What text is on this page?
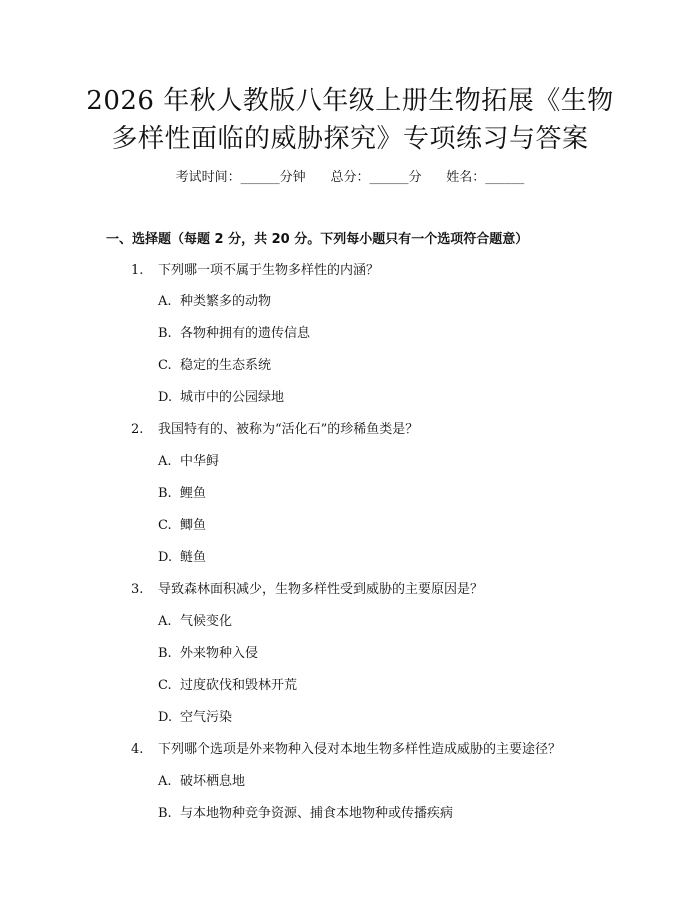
2026 年秋人教版八年级上册生物拓展《生物
多样性面临的威胁探究》专项练习与答案
考试时间：______分钟 总分：______分 姓名：______
一、选择题（每题 2 分，共 20 分。下列每小题只有一个选项符合题意）
1. 下列哪一项不属于生物多样性的内涵？
A. 种类繁多的动物
B. 各物种拥有的遗传信息
C. 稳定的生态系统
D. 城市中的公园绿地
2. 我国特有的、被称为“活化石”的珍稀鱼类是？
A. 中华鲟
B. 鲤鱼
C. 鲫鱼
D. 鲢鱼
3. 导致森林面积减少，生物多样性受到威胁的主要原因是？
A. 气候变化
B. 外来物种入侵
C. 过度砍伐和毁林开荒
D. 空气污染
4. 下列哪个选项是外来物种入侵对本地生物多样性造成威胁的主要途径？
A. 破坏栖息地
B. 与本地物种竞争资源、捕食本地物种或传播疾病
